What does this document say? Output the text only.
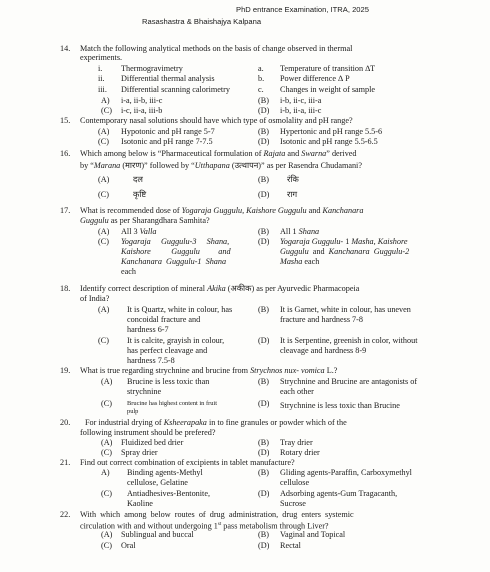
PhD entrance Examination, ITRA, 2025
Rasashastra & Bhaishajya Kalpana
14. Match the following analytical methods on the basis of change observed in thermal
experiments.
i. Thermogravimetry	a. Temperature of transition ∆T
ii. Differential thermal analysis	b. Power difference ∆ P
iii. Differential scanning calorimetry	c. Changes in weight of sample
A) i-a, ii-b, iii-c	(B) i-b, ii-c, iii-a
(C) i-c, ii-a, iii-b	(D) i-b, ii-a, iii-c
15. Contemporary nasal solutions should have which type of osmolality and pH range?
(A) Hypotonic and pH range 5-7	(B) Hypertonic and pH range 5.5-6
(C) Isotonic and pH range 7-7.5	(D) Isotonic and pH range 5.5-6.5
16. Which among below is “Pharmaceutical formulation of Rajata and Swarna” derived
by “Marana (मारण)” followed by “Utthapana (उत्थापन)” as per Rasendra Chudamani?
(A)	दल	(B) रंकि
(C)	कृष्टि	(D) राग
17. What is recommended dose of Yogaraja Guggulu, Kaishore Guggulu and Kanchanara
Guggulu as per Sharangdhara Samhita?
(A) All 3 Valla	(B) All 1 Shana
(C) Yogaraja     Guggulu-3     Shana,
Kaishore          Guggulu         and
Kanchanara  Guggulu-1  Shana
each
(D) Yogaraja Guggulu- 1 Masha, Kaishore
Guggulu  and  Kanchanara  Guggulu-2
Masha each
18. Identify correct description of mineral Akika (अकीक) as per Ayurvedic Pharmacopeia
of India?
(A) It is Quartz, white in colour, has
concoidal fracture and
hardness 6-7
(B) It is Garnet, white in colour, has uneven
fracture and hardness 7-8
(C) It is calcite, grayish in colour,
has perfect cleavage and
hardness 7.5-8
(D) It is Serpentine, greenish in color, without
cleavage and hardness 8-9
19. What is true regarding strychnine and brucine from Strychnos nux- vomica L.?
(A) Brucine is less toxic than
strychnine
(B) Strychnine and Brucine are antagonists of
each other
(C) Brucine has highest content in fruit
pulp
(D) Strychnine is less toxic than Brucine
20. For industrial drying of Ksheerapaka in to fine granules or powder which of the
following instrument should be prefered?
(A) Fluidized bed drier	(B) Tray drier
(C) Spray drier	(D) Rotary drier
21. Find out correct combination of excipients in tablet manufacture?
A) Binding agents-Methyl
cellulose, Gelatine
(B) Gliding agents-Paraffin, Carboxymethyl
cellulose
(C) Antiadhesives-Bentonite,
Kaoline
(D) Adsorbing agents-Gum Tragacanth,
Sucrose
22. With  which  among  below  routes  of  drug  administration,  drug  enters  systemic
circulation with and without undergoing 1st pass metabolism through Liver?
(A) Sublingual and buccal	(B) Vaginal and Topical
(C) Oral	(D) Rectal
